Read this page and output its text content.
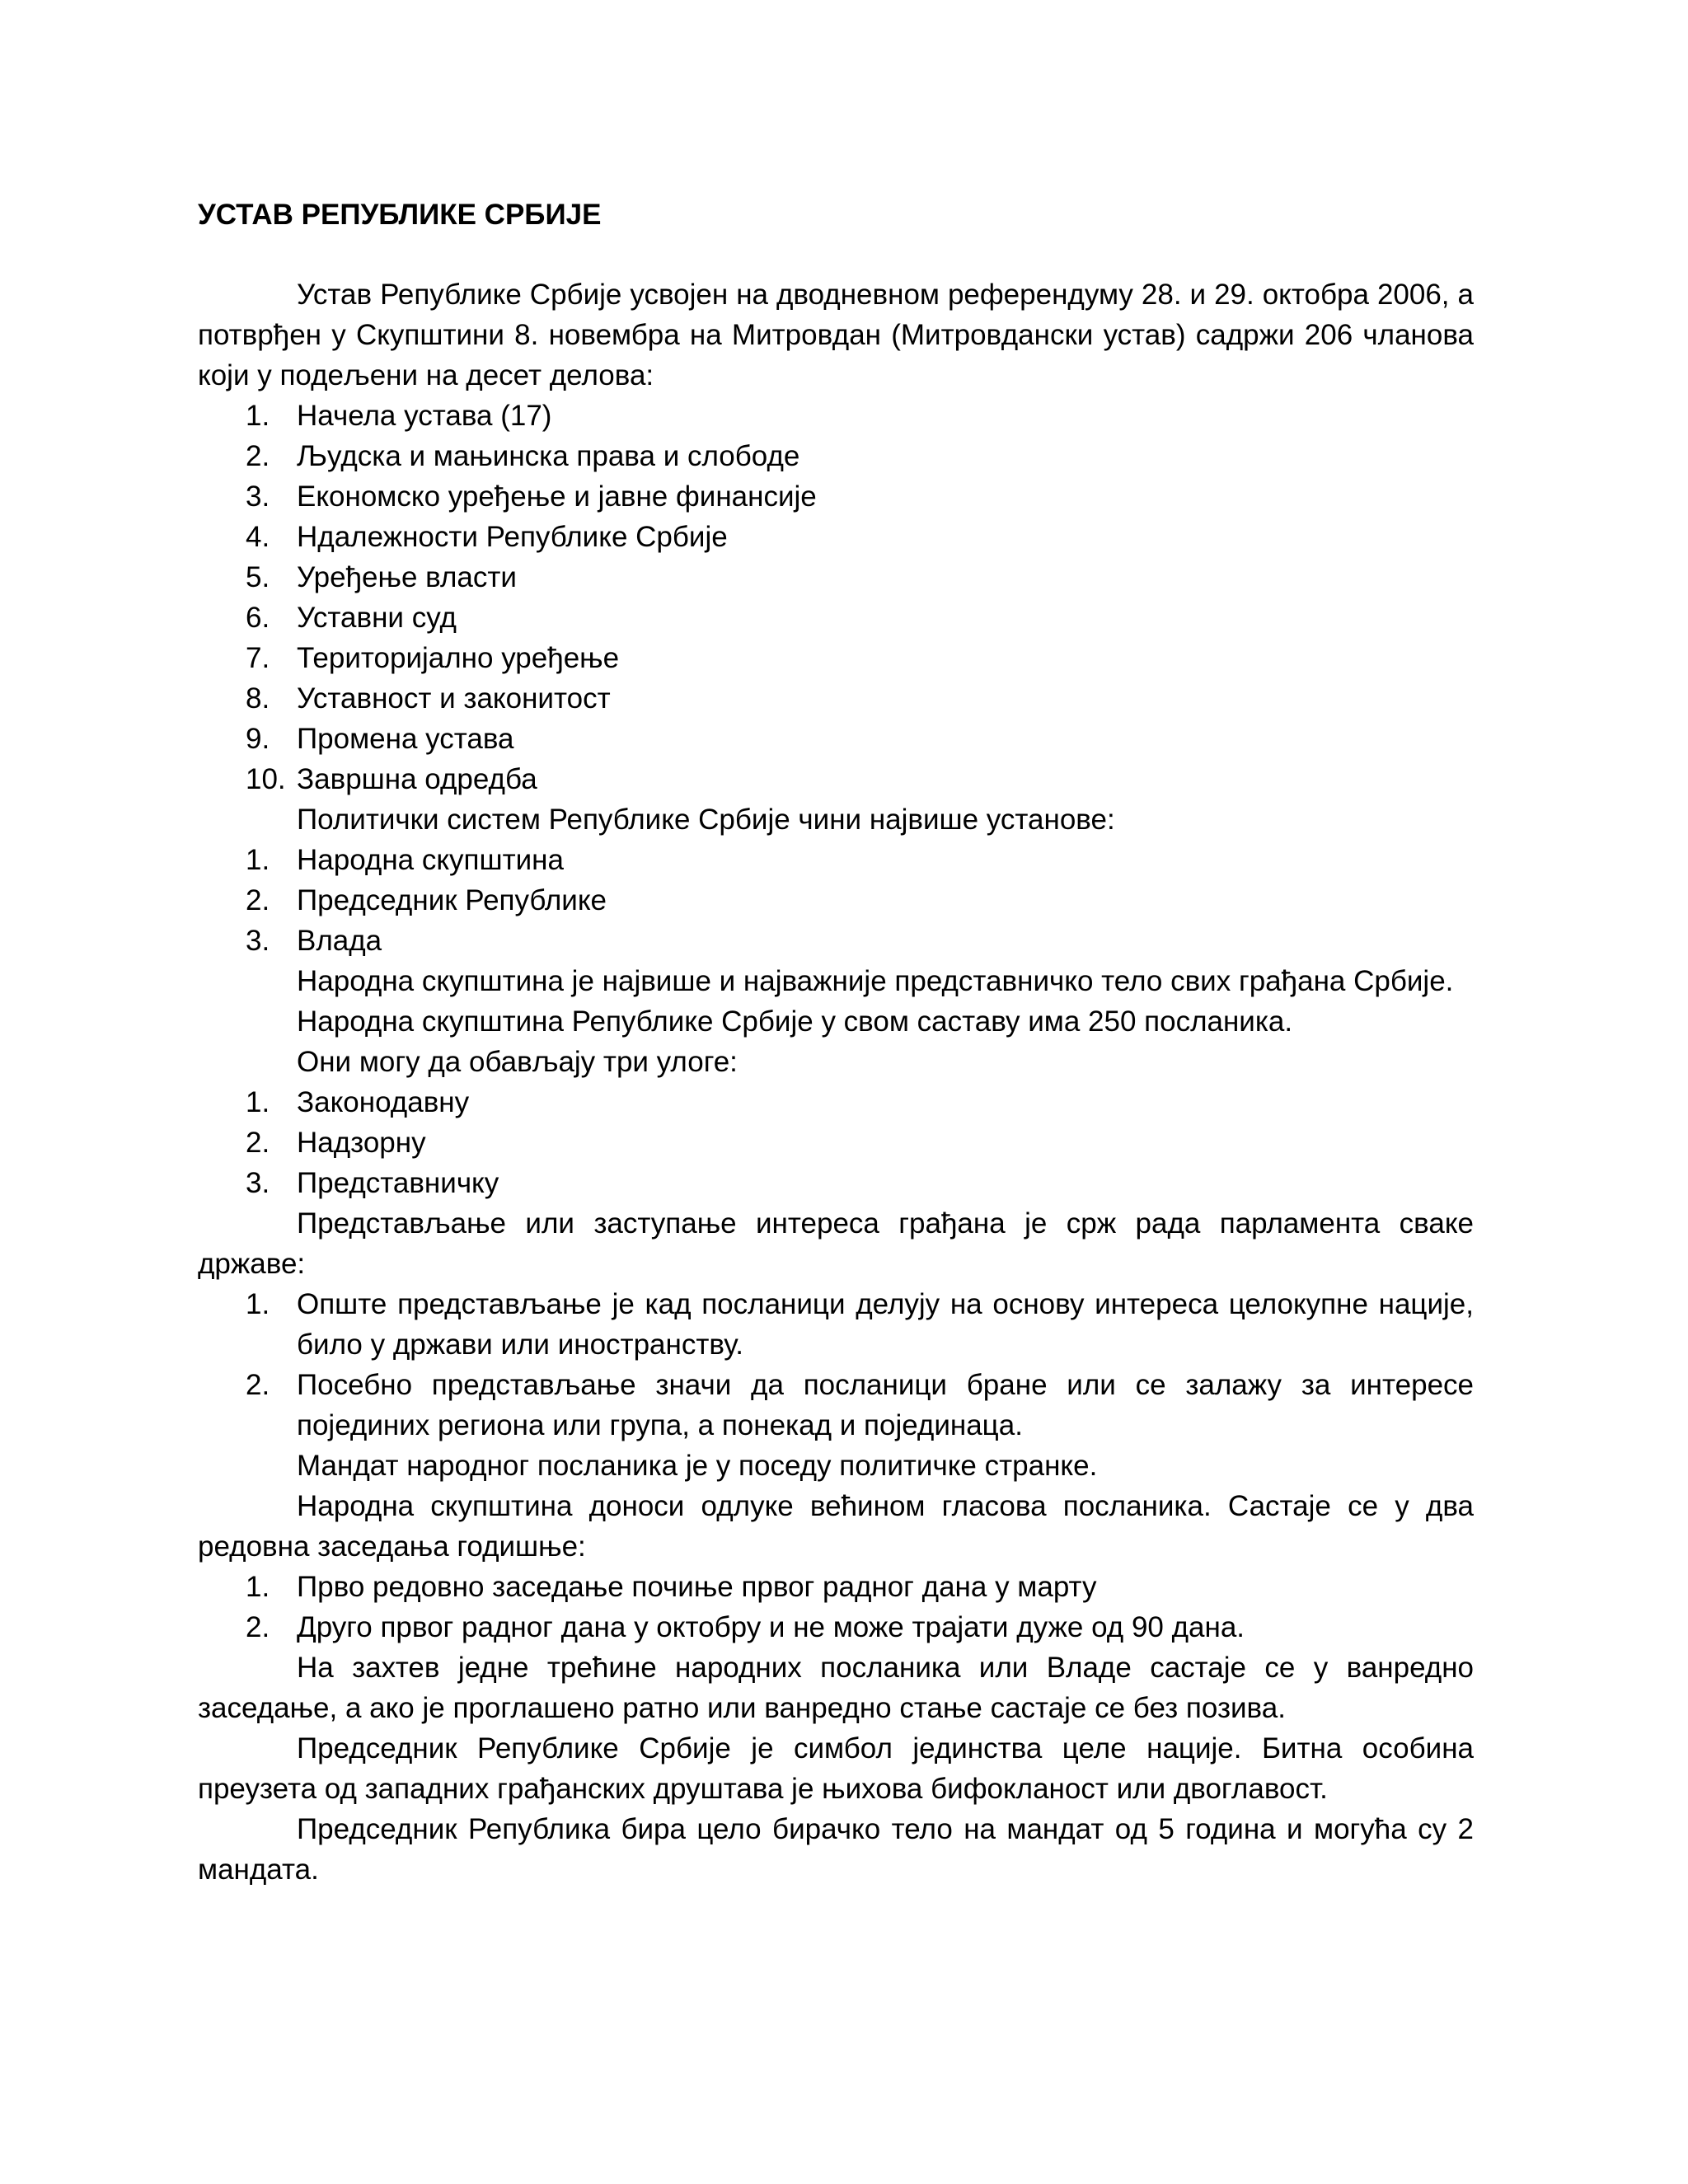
УСТАВ РЕПУБЛИКЕ СРБИЈЕ

Устав Републике Србије усвојен на дводневном референдуму 28. и 29. октобра 2006, а потврђен у Скупштини 8. новембра на Митровдан (Митровдански устав) садржи 206 чланова који у подељени на десет делова:

1. Начела устава (17)
2. Људска и мањинска права и слободе
3. Економско уређење и јавне финансије
4. Ндалежности Републике Србије
5. Уређење власти
6. Уставни суд
7. Територијално уређење
8. Уставност и законитост
9. Промена устава
10. Завршна одредба

Политички систем Републике Србије чини највише установе:

1. Народна скупштина
2. Председник Републике
3. Влада

Народна скупштина је највише и најважније представничко тело свих грађана Србије.

Народна скупштина Републике Србије у свом саставу има 250 посланика.

Они могу да обављају три улоге:

1. Законодавну
2. Надзорну
3. Представничку

Представљање или заступање интереса грађана је срж рада парламента сваке државе:

1. Опште представљање је кад посланици делују на основу интереса целокупне нације, било у држави или иностранству.
2. Посебно представљање значи да посланици бране или се залажу за интересе појединих региона или група, а понекад и појединаца.

Мандат народног посланика је у поседу политичке странке.

Народна скупштина доноси одлуке већином гласова посланика. Састаје се у два редовна заседања годишње:

1. Прво редовно заседање почиње првог радног дана у марту
2. Друго првог радног дана у октобру и не може трајати дуже од 90 дана.

На захтев једне трећине народних посланика или Владе састаје се у ванредно заседање, а ако је проглашено ратно или ванредно стање састаје се без позива.

Председник Републике Србије је симбол јединства целе нације. Битна особина преузета од западних грађанских друштава је њихова бифокланост или двоглавост.

Председник Република бира цело бирачко тело на мандат од 5 година и могућа су 2 мандата.
